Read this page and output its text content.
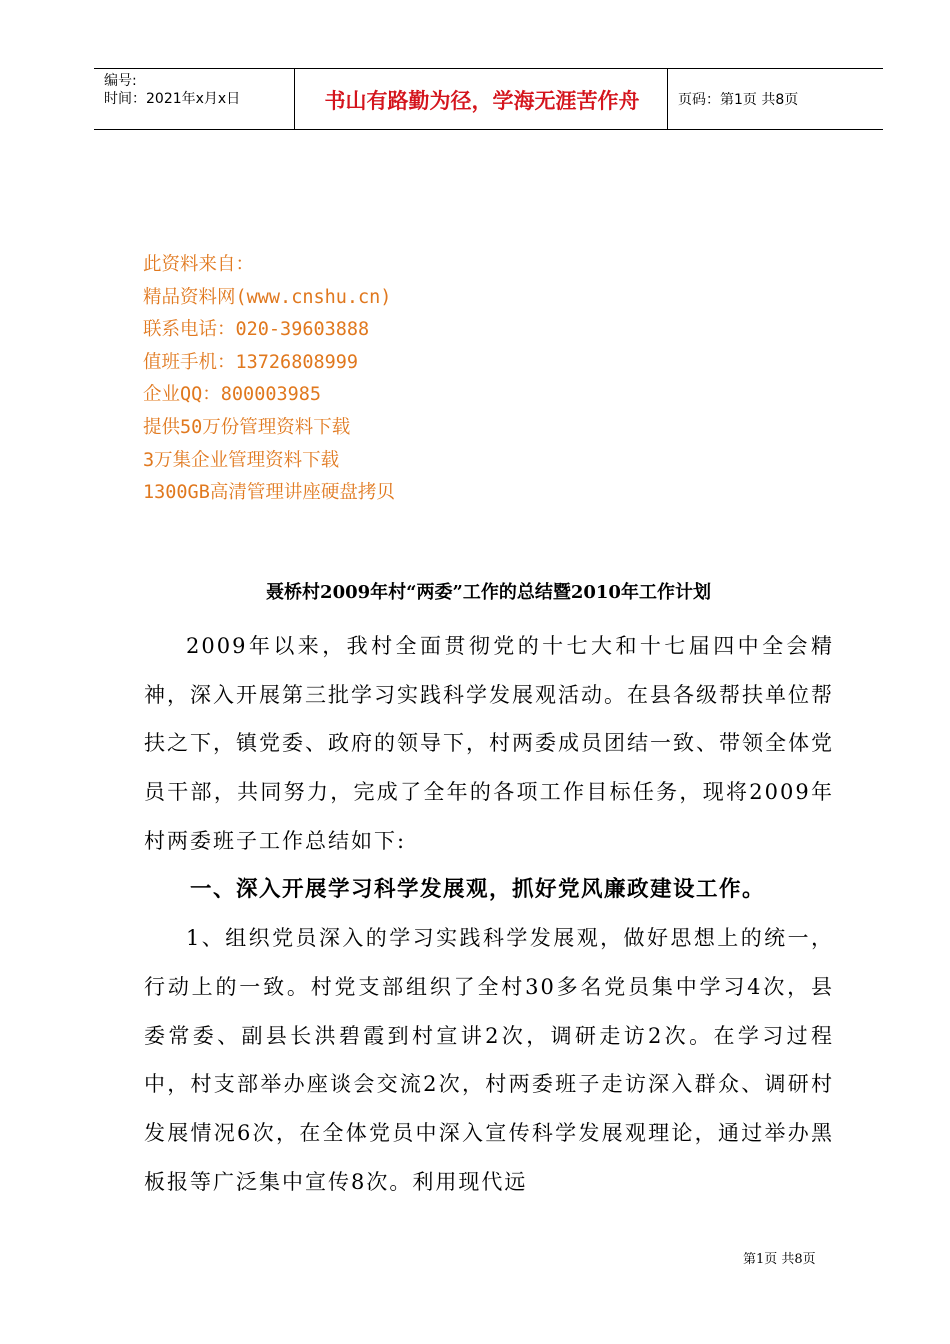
编号:
时间：2021年x月x日	书山有路勤为径，学海无涯苦作舟	页码：第1页 共8页
此资料来自：
精品资料网(www.cnshu.cn)
联系电话：020-39603888
值班手机：13726808999
企业QQ：800003985
提供50万份管理资料下载
3万集企业管理资料下载
1300GB高清管理讲座硬盘拷贝
聂桥村2009年村“两委”工作的总结暨2010年工作计划

2009年以来，我村全面贯彻党的十七大和十七届四中全会精神，深入开展第三批学习实践科学发展观活动。在县各级帮扶单位帮扶之下，镇党委、政府的领导下，村两委成员团结一致、带领全体党员干部，共同努力，完成了全年的各项工作目标任务，现将2009年村两委班子工作总结如下:

一、深入开展学习科学发展观，抓好党风廉政建设工作。

1、组织党员深入的学习实践科学发展观，做好思想上的统一，行动上的一致。村党支部组织了全村30多名党员集中学习4次，县委常委、副县长洪碧霞到村宣讲2次，调研走访2次。在学习过程中，村支部举办座谈会交流2次，村两委班子走访深入群众、调研村发展情况6次，在全体党员中深入宣传科学发展观理论，通过举办黑板报等广泛集中宣传8次。利用现代远

第1页 共8页
